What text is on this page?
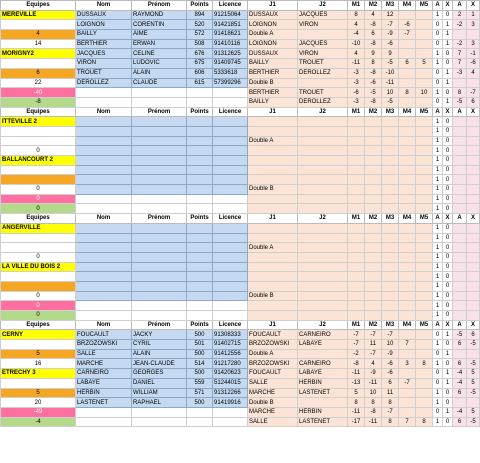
Equipes	Nom	Prénom	Points	Licence	J1	J2	M1	M2	M3	M4	M5	A	X	A	X
MEREVILLE	DUSSAUX	RAYMOND	894	91215064	DUSSAUX	JACQUES	8	4	12			1	0	2	1
	LOIGNON	CORENTIN	520	91421851	LOIGNON	VIRON	4	-8	-7	-6		0	1	-2	3
4	BAILLY	AIME	572	91418621	Double A		-4	6	-9	-7		0	1		
14	BERTHIER	ERWAN	508	91410116	LOIGNON	JACQUES	-10	-8	-6			0	1	-2	3
MORIGNY2	JACQUES	CELINE	676	91312625	DUSSAUX	VIRON	4	9	9			1	0	7	-1
	VIRON	LUDOVIC	675	91409745	BAILLY	TROUET	-11	8	-5	6	5	1	0	7	-6
6	TROUET	ALAIN	606	5333618	BERTHIER	DEROLLEZ	-3	-8	-10			0	1	-3	4
22	DEROLLEZ	CLAUDE	615	57399296	Double B		-3	-6	-11			0	1		
-40					BERTHIER	TROUET	-6	-5	10	8	10	1	0	8	-7
-8					BAILLY	DEROLLEZ	-3	-8	-5			0	1	-5	6
Equipes	Nom	Prénom	Points	Licence	J1	J2	M1	M2	M3	M4	M5	A	X	A	X
ITTEVILLE 2												1	0		
												1	0		
					Double A							1	0		
0												1	0		
BALLANCOURT 2												1	0		
												1	0		
												1	0		
0					Double B							1	0		
0												1	0		
0												1	0		
Equipes	Nom	Prénom	Points	Licence	J1	J2	M1	M2	M3	M4	M5	A	X	A	X
ANGERVILLE												1	0		
												1	0		
					Double A							1	0		
0												1	0		
LA VILLE DU BOIS 2												1	0		
												1	0		
												1	0		
0					Double B							1	0		
0												1	0		
0												1	0		
Equipes	Nom	Prénom	Points	Licence	J1	J2	M1	M2	M3	M4	M5	A	X	A	X
CERNY	FOUCAULT	JACKY	500	91308333	FOUCAULT	CARNEIRO	-7	-7	-7			0	1	-5	6
	BRZOZOWSKI	CYRIL	501	91402715	BRZOZOWSKI	LABAYE	-7	11	10	7		1	0	6	-5
5	SALLE	ALAIN	500	91412556	Double A		-2	-7	-9			0	1		
16	MARCHE	JEAN-CLAUDE	514	91217280	BRZOZOWSKI	CARNEIRO	-8	4	-6	3	8	1	0	6	-5
ETRECHY 3	CARNEIRO	GEORGES	500	91420623	FOUCAULT	LABAYE	-11	-9	-6			0	1	-4	5
	LABAYE	DANIEL	559	51244015	SALLE	HERBIN	-13	-11	6	-7		0	1	-4	5
5	HERBIN	WILLIAM	571	91312266	MARCHE	LASTENET	5	10	11			1	0	6	-5
20	LASTENET	RAPHAEL	500	91419916	Double B		8	8	8			1	0		
-49					MARCHE	HERBIN	-11	-8	-7			0	1	-4	5
-4					SALLE	LASTENET	-17	-11	8	7	8	1	0	6	-5
